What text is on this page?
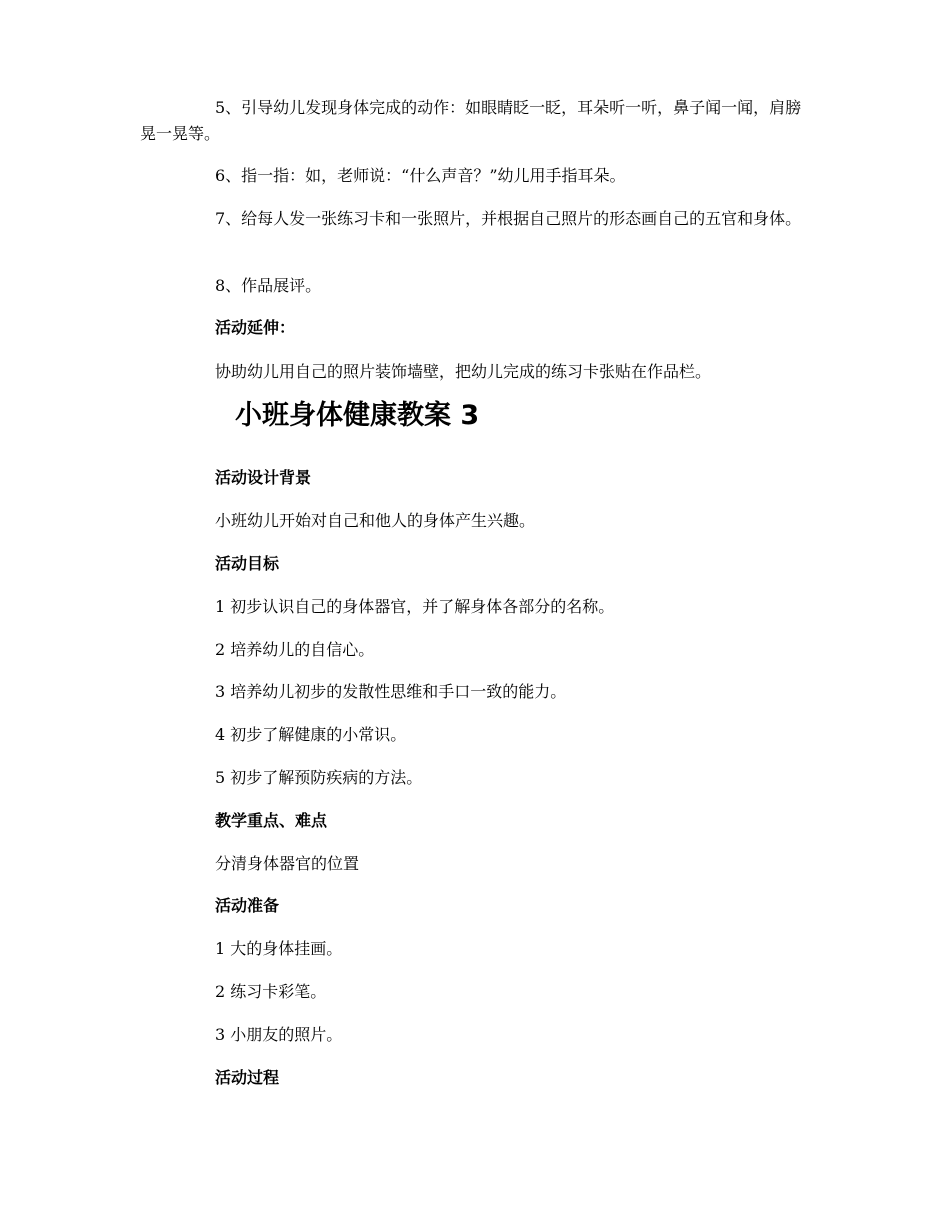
5、引导幼儿发现身体完成的动作：如眼睛眨一眨，耳朵听一听，鼻子闻一闻，肩膀晃一晃等。
6、指一指：如，老师说：“什么声音？”幼儿用手指耳朵。
7、给每人发一张练习卡和一张照片，并根据自己照片的形态画自己的五官和身体。
8、作品展评。
活动延伸：
协助幼儿用自己的照片装饰墙壁，把幼儿完成的练习卡张贴在作品栏。
小班身体健康教案 3
活动设计背景
小班幼儿开始对自己和他人的身体产生兴趣。
活动目标
1 初步认识自己的身体器官，并了解身体各部分的名称。
2 培养幼儿的自信心。
3 培养幼儿初步的发散性思维和手口一致的能力。
4 初步了解健康的小常识。
5 初步了解预防疾病的方法。
教学重点、难点
分清身体器官的位置
活动准备
1 大的身体挂画。
2 练习卡彩笔。
3 小朋友的照片。
活动过程
